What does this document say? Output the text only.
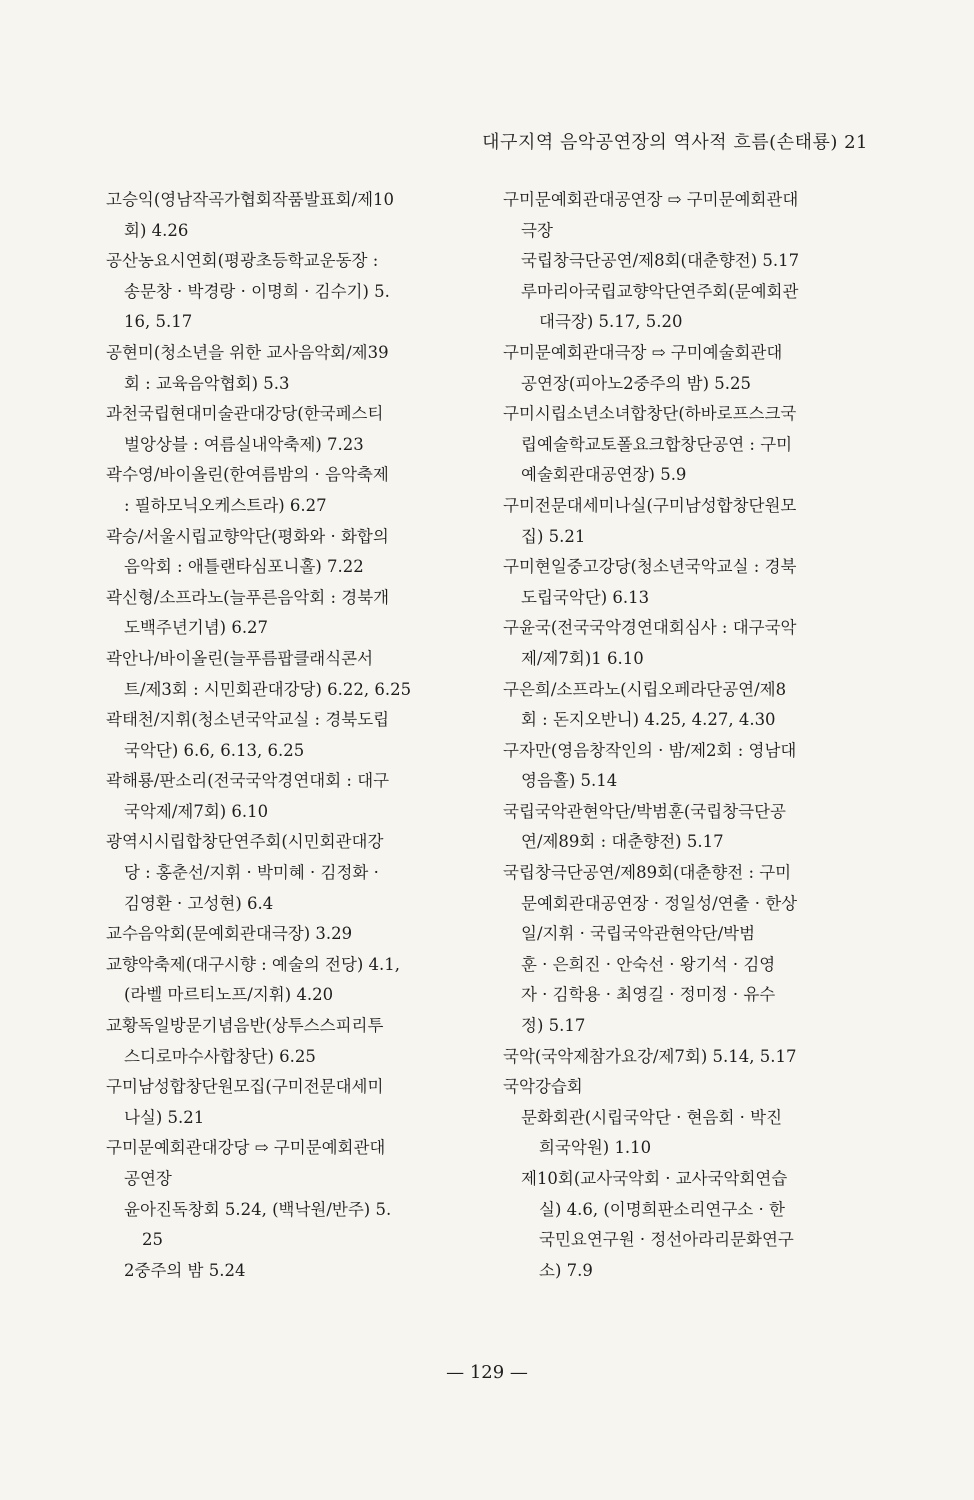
대구지역 음악공연장의 역사적 흐름(손태룡) 21
고승익(영남작곡가협회작품발표회/제10
회) 4.26
공산농요시연회(평광초등학교운동장 :
송문창 · 박경랑 · 이명희 · 김수기) 5.
16, 5.17
공현미(청소년을 위한 교사음악회/제39
회 : 교육음악협회) 5.3
과천국립현대미술관대강당(한국페스티
벌앙상블 : 여름실내악축제) 7.23
곽수영/바이올린(한여름밤의 · 음악축제
: 필하모닉오케스트라) 6.27
곽승/서울시립교향악단(평화와 · 화합의
음악회 : 애틀랜타심포니홀) 7.22
곽신형/소프라노(늘푸른음악회 : 경북개
도백주년기념) 6.27
곽안나/바이올린(늘푸름팝클래식콘서
트/제3회 : 시민회관대강당) 6.22, 6.25
곽태천/지휘(청소년국악교실 : 경북도립
국악단) 6.6, 6.13, 6.25
곽해룡/판소리(전국국악경연대회 : 대구
국악제/제7회) 6.10
광역시시립합창단연주회(시민회관대강
당 : 홍춘선/지휘 · 박미혜 · 김정화 ·
김영환 · 고성현) 6.4
교수음악회(문예회관대극장) 3.29
교향악축제(대구시향 : 예술의 전당) 4.1,
(라벨 마르티노프/지휘) 4.20
교황독일방문기념음반(상투스스피리투
스디로마수사합창단) 6.25
구미남성합창단원모집(구미전문대세미
나실) 5.21
구미문예회관대강당 ⇨ 구미문예회관대
공연장
윤아진독창회 5.24, (백낙원/반주) 5.
25
2중주의 밤 5.24
구미문예회관대공연장 ⇨ 구미문예회관대
극장
국립창극단공연/제8회(대춘향전) 5.17
루마리아국립교향악단연주회(문예회관
대극장) 5.17, 5.20
구미문예회관대극장 ⇨ 구미예술회관대
공연장(피아노2중주의 밤) 5.25
구미시립소년소녀합창단(하바로프스크국
립예술학교토폴요크합창단공연 : 구미
예술회관대공연장) 5.9
구미전문대세미나실(구미남성합창단원모
집) 5.21
구미현일중고강당(청소년국악교실 : 경북
도립국악단) 6.13
구윤국(전국국악경연대회심사 : 대구국악
제/제7회)1 6.10
구은희/소프라노(시립오페라단공연/제8
회 : 돈지오반니) 4.25, 4.27, 4.30
구자만(영음창작인의 · 밤/제2회 : 영남대
영음홀) 5.14
국립국악관현악단/박범훈(국립창극단공
연/제89회 : 대춘향전) 5.17
국립창극단공연/제89회(대춘향전 : 구미
문예회관대공연장 · 정일성/연출 · 한상
일/지휘 · 국립국악관현악단/박범
훈 · 은희진 · 안숙선 · 왕기석 · 김영
자 · 김학용 · 최영길 · 정미정 · 유수
정) 5.17
국악(국악제참가요강/제7회) 5.14, 5.17
국악강습회
문화회관(시립국악단 · 현음회 · 박진
희국악원) 1.10
제10회(교사국악회 · 교사국악회연습
실) 4.6, (이명희판소리연구소 · 한
국민요연구원 · 정선아라리문화연구
소) 7.9
— 129 —
